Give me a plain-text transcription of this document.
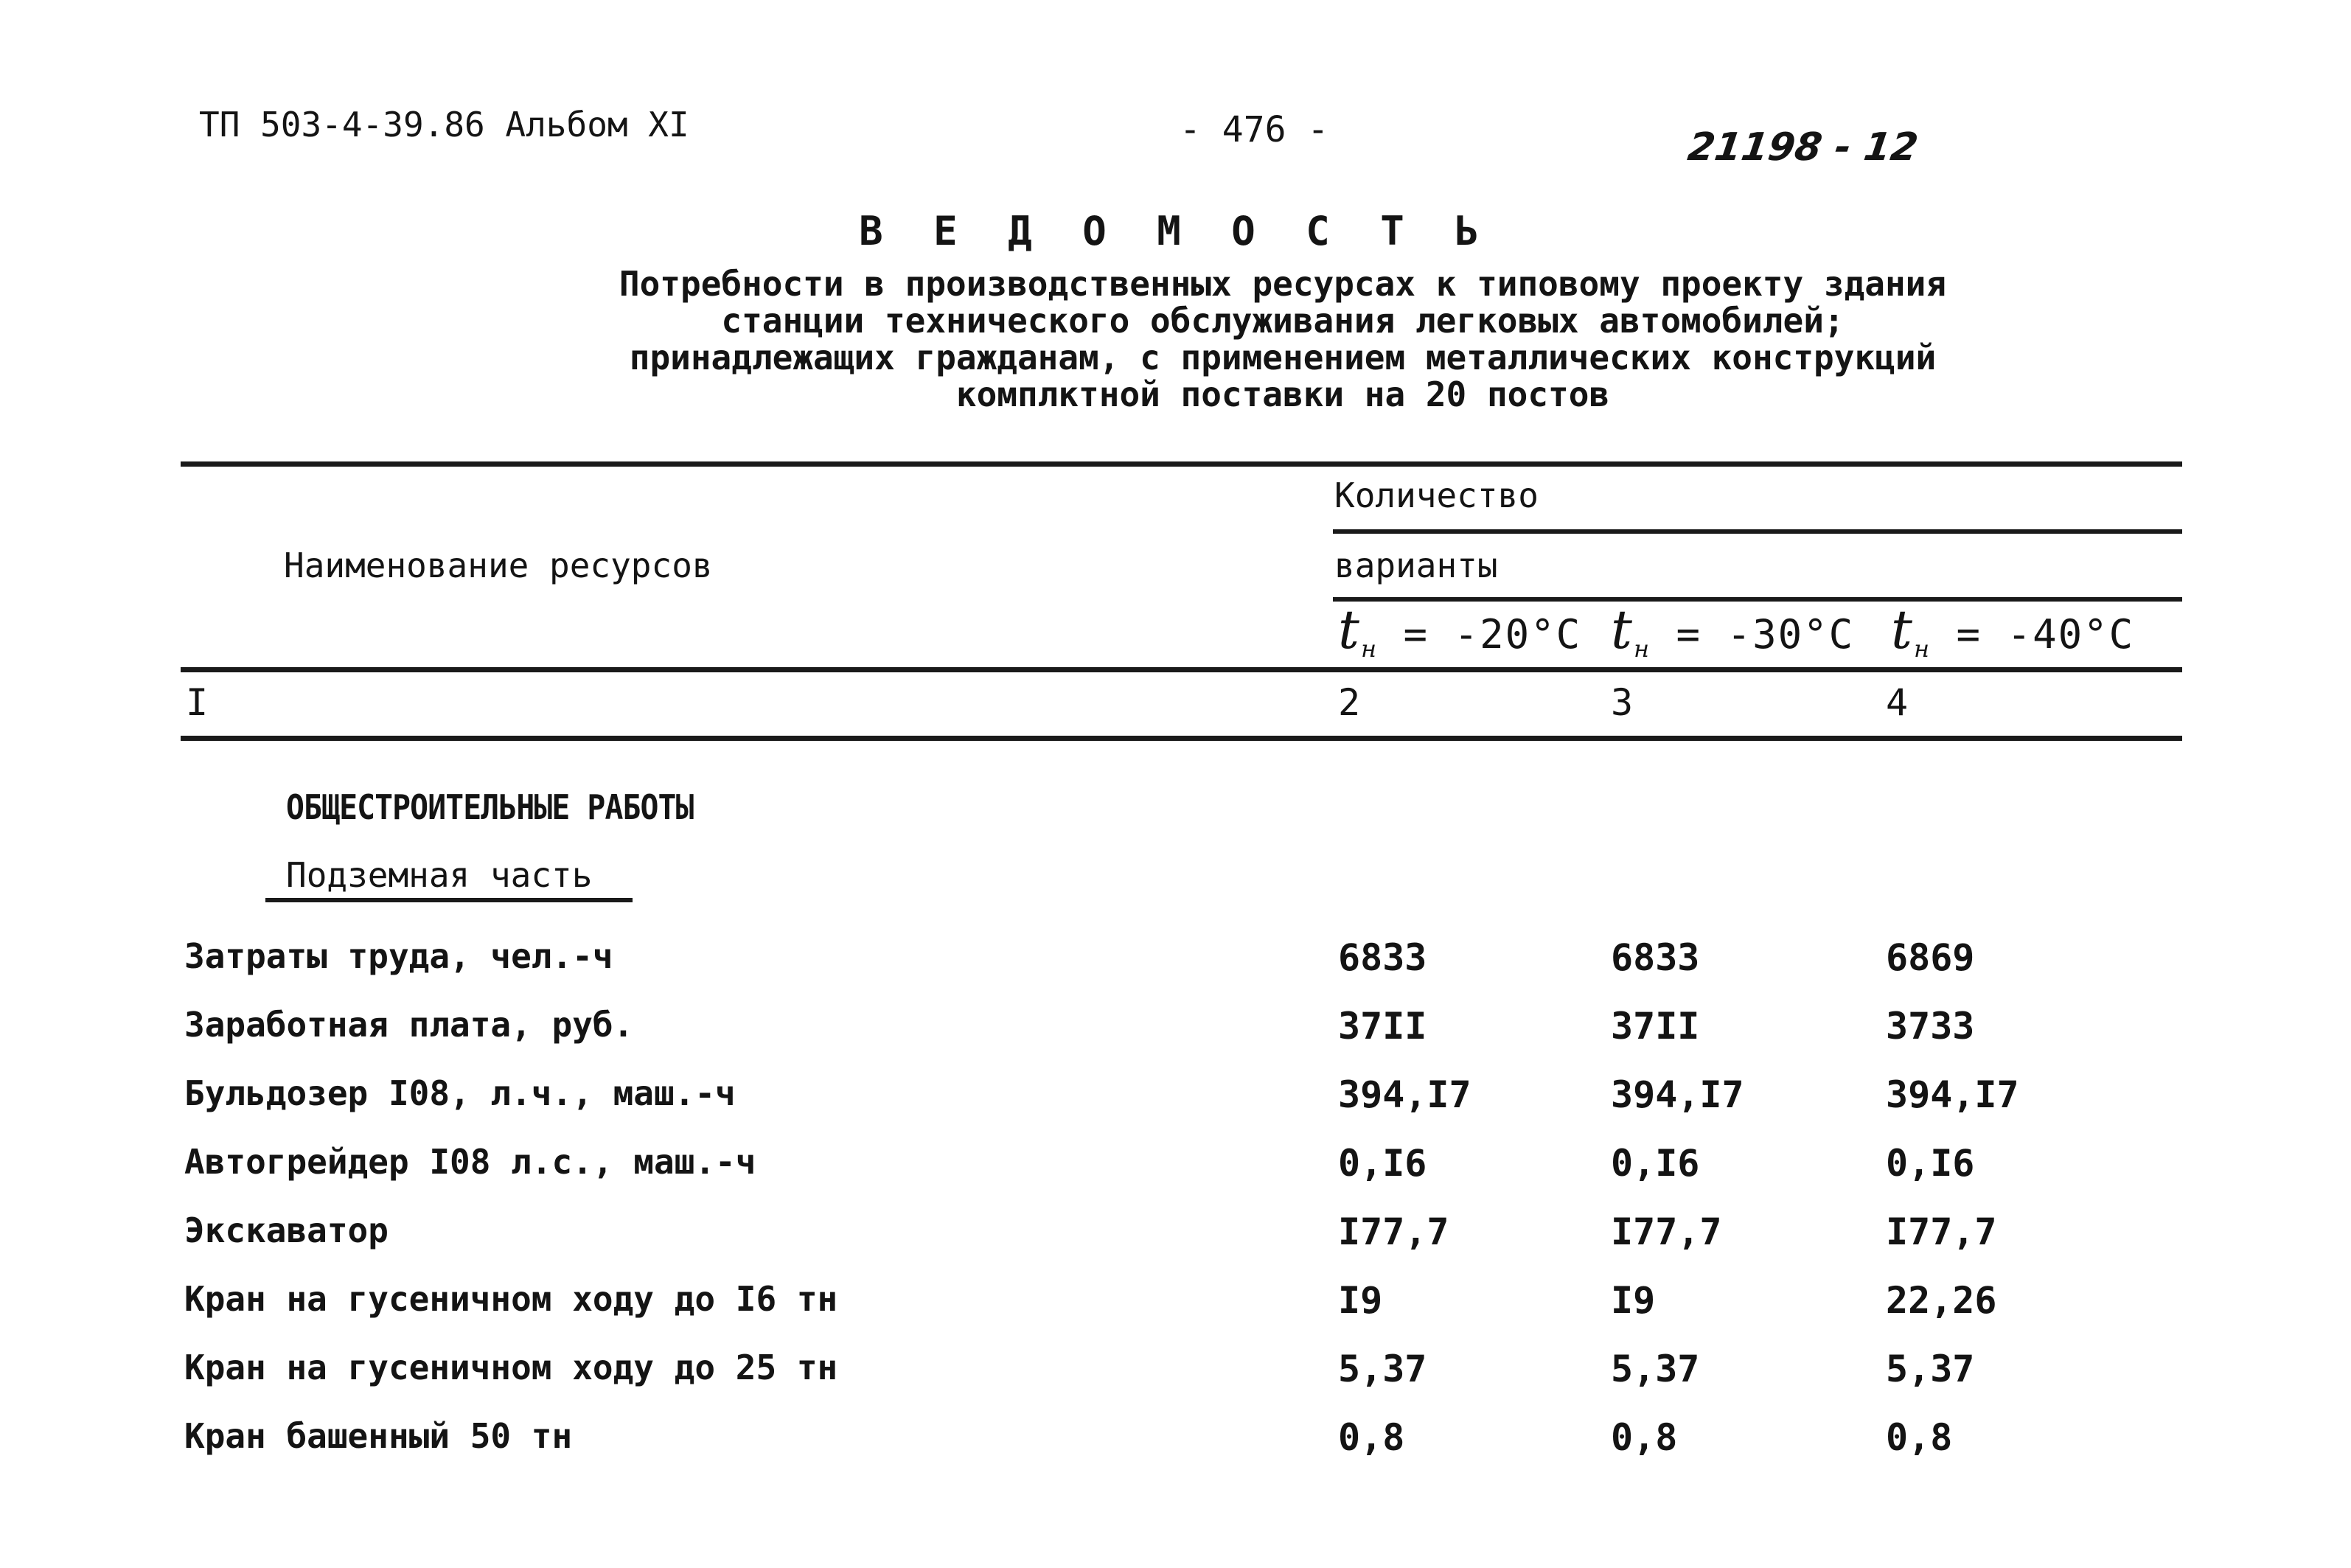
ТП 503-4-39.86 Альбом XI	- 476 -	21198 - 12
В Е Д О М О С Т Ь
Потребности в производственных ресурсах к типовому проекту здания станции технического обслуживания легковых автомобилей; принадлежащих гражданам, с применением металлических конструкций комплктной поставки на 20 постов
Наименование ресурсов
Количество
варианты
$t_н = -20^\circ C$ $t_н = -30^\circ C$ $t_н = -40^\circ C$
I	2	3	4
ОБЩЕСТРОИТЕЛЬНЫЕ РАБОТЫ
Подземная часть
Затраты труда, чел.-ч	6833	6833	6869
Заработная плата, руб.	37II	37II	3733
Бульдозер I08, л.ч., маш.-ч	394,I7	394,I7	394,I7
Автогрейдер I08 л.с., маш.-ч	0,I6	0,I6	0,I6
Экскаватор	I77,7	I77,7	I77,7
Кран на гусеничном ходу до I6 тн	I9	I9	22,26
Кран на гусеничном ходу до 25 тн	5,37	5,37	5,37
Кран башенный 50 тн	0,8	0,8	0,8
